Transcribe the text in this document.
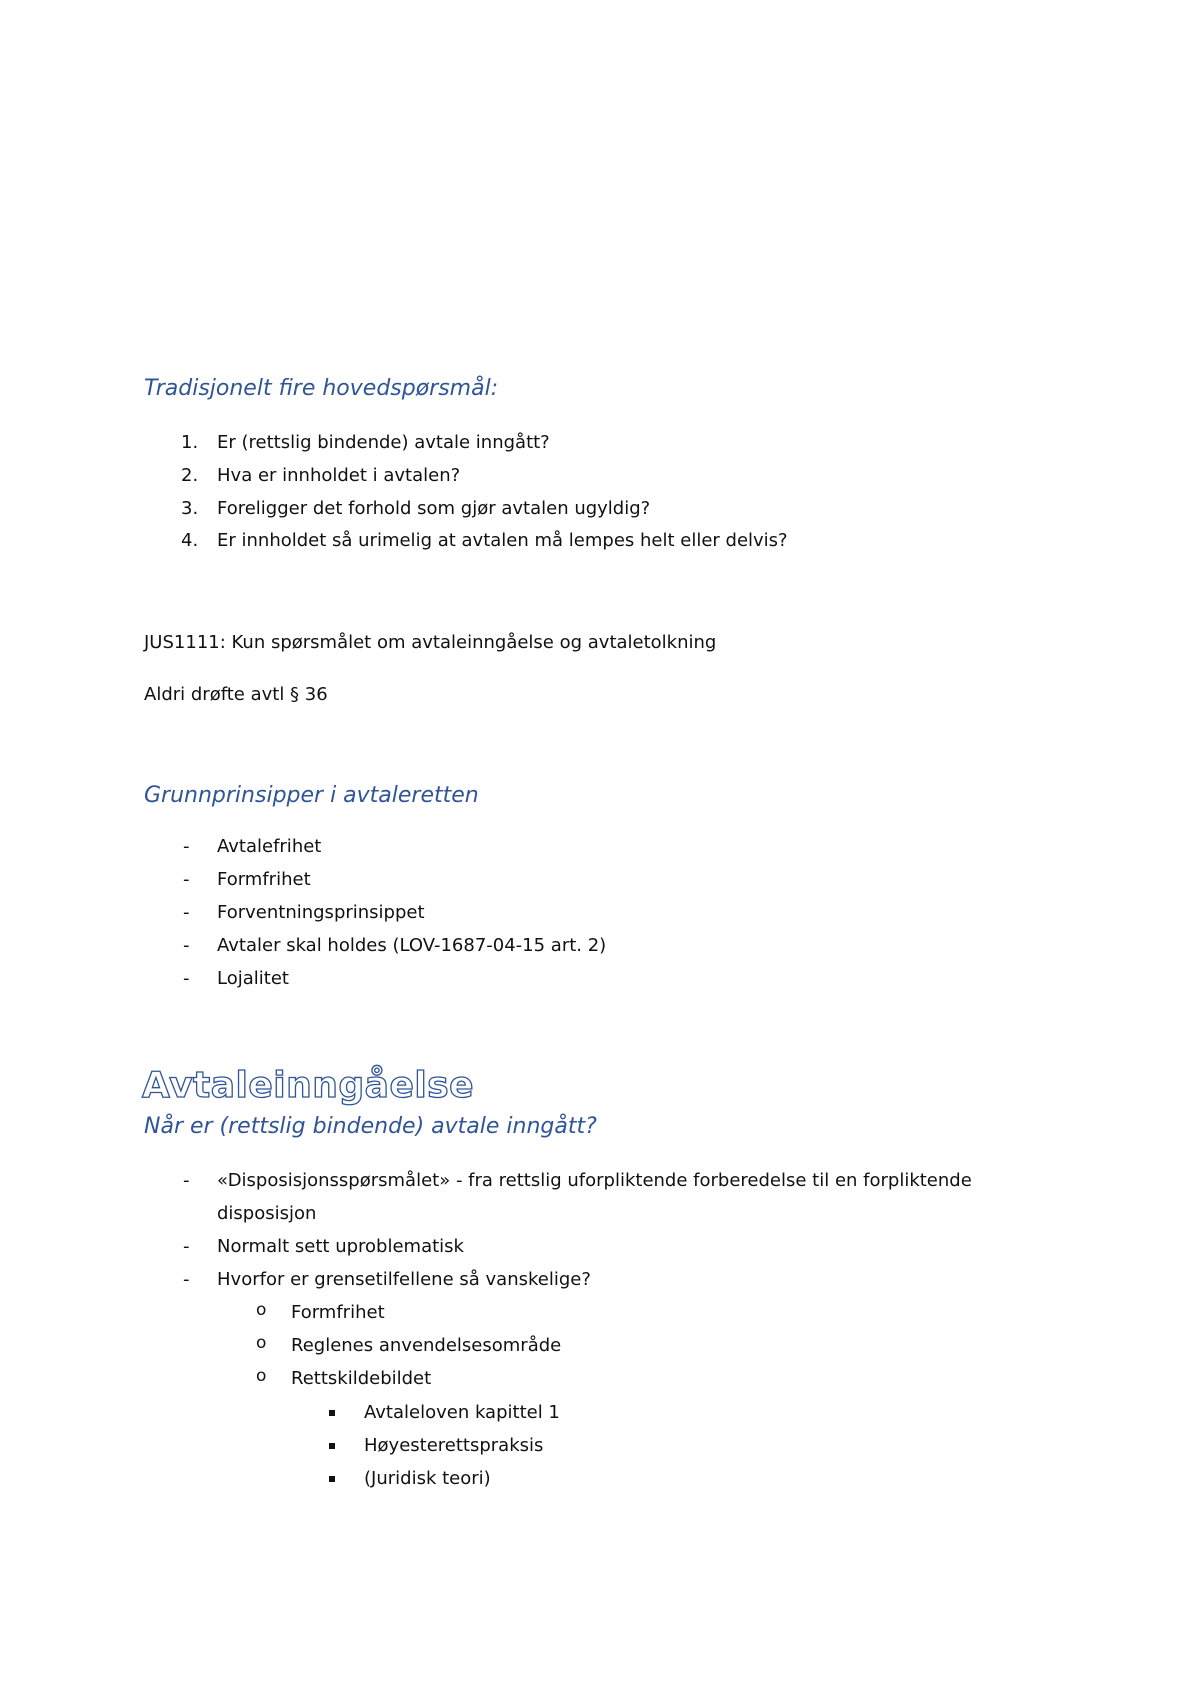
Tradisjonelt fire hovedspørsmål:
1. Er (rettslig bindende) avtale inngått?
2. Hva er innholdet i avtalen?
3. Foreligger det forhold som gjør avtalen ugyldig?
4. Er innholdet så urimelig at avtalen må lempes helt eller delvis?
JUS1111: Kun spørsmålet om avtaleinngåelse og avtaletolkning
Aldri drøfte avtl § 36
Grunnprinsipper i avtaleretten
- Avtalefrihet
- Formfrihet
- Forventningsprinsippet
- Avtaler skal holdes (LOV-1687-04-15 art. 2)
- Lojalitet
Avtaleinngåelse
Når er (rettslig bindende) avtale inngått?
- «Disposisjonsspørsmålet» - fra rettslig uforpliktende forberedelse til en forpliktende
disposisjon
- Normalt sett uproblematisk
- Hvorfor er grensetilfellene så vanskelige?
o Formfrihet
o Reglenes anvendelsesområde
o Rettskildebildet
Avtaleloven kapittel 1
Høyesterettspraksis
(Juridisk teori)
